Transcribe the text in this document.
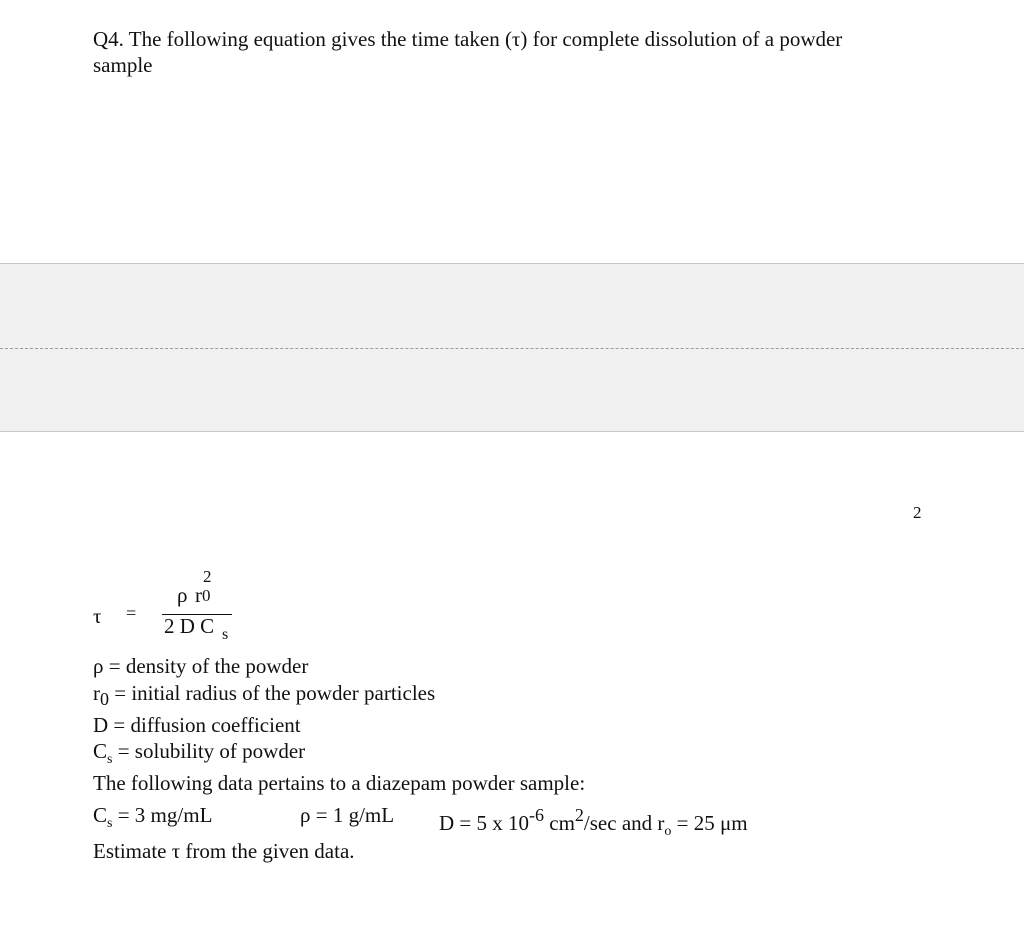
Q4. The following equation gives the time taken (τ) for complete dissolution of a powder
sample
2
τ =
ρ r
2
0
2 D C s
ρ = density of the powder
r0 = initial radius of the powder particles
D = diffusion coefficient
$C_s$ = solubility of powder
The following data pertains to a diazepam powder sample:
$C_s = 3$ mg/mL	ρ = 1 g/mL D = 5 x 10-6 cm2/sec and $r_o = 25$ μm
Estimate τ from the given data.
